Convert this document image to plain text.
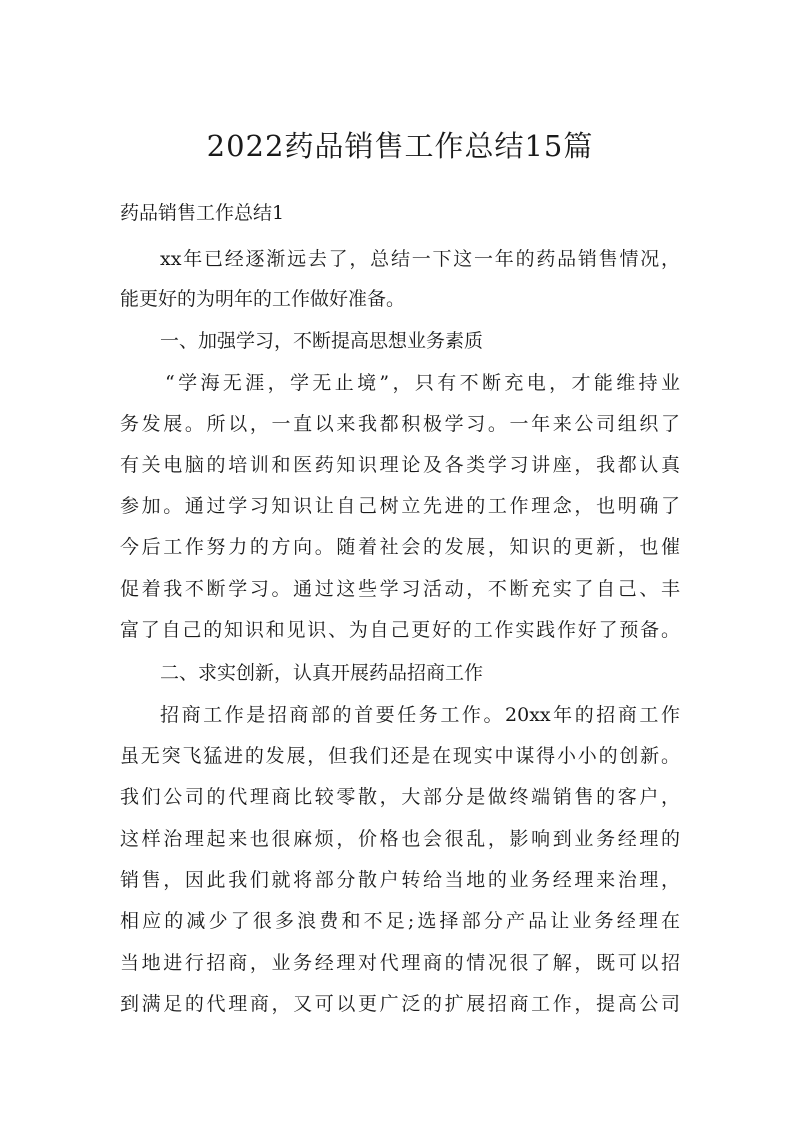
2022药品销售工作总结15篇
药品销售工作总结1
xx年已经逐渐远去了，总结一下这一年的药品销售情况，
能更好的为明年的工作做好准备。
一、加强学习，不断提高思想业务素质
“学海无涯，学无止境”，只有不断充电，才能维持业
务发展。所以，一直以来我都积极学习。一年来公司组织了
有关电脑的培训和医药知识理论及各类学习讲座，我都认真
参加。通过学习知识让自己树立先进的工作理念，也明确了
今后工作努力的方向。随着社会的发展，知识的更新，也催
促着我不断学习。通过这些学习活动，不断充实了自己、丰
富了自己的知识和见识、为自己更好的工作实践作好了预备。
二、求实创新，认真开展药品招商工作
招商工作是招商部的首要任务工作。20xx年的招商工作
虽无突飞猛进的发展，但我们还是在现实中谋得小小的创新。
我们公司的代理商比较零散，大部分是做终端销售的客户，
这样治理起来也很麻烦，价格也会很乱，影响到业务经理的
销售，因此我们就将部分散户转给当地的业务经理来治理，
相应的减少了很多浪费和不足;选择部分产品让业务经理在
当地进行招商，业务经理对代理商的情况很了解，既可以招
到满足的代理商，又可以更广泛的扩展招商工作，提高公司
